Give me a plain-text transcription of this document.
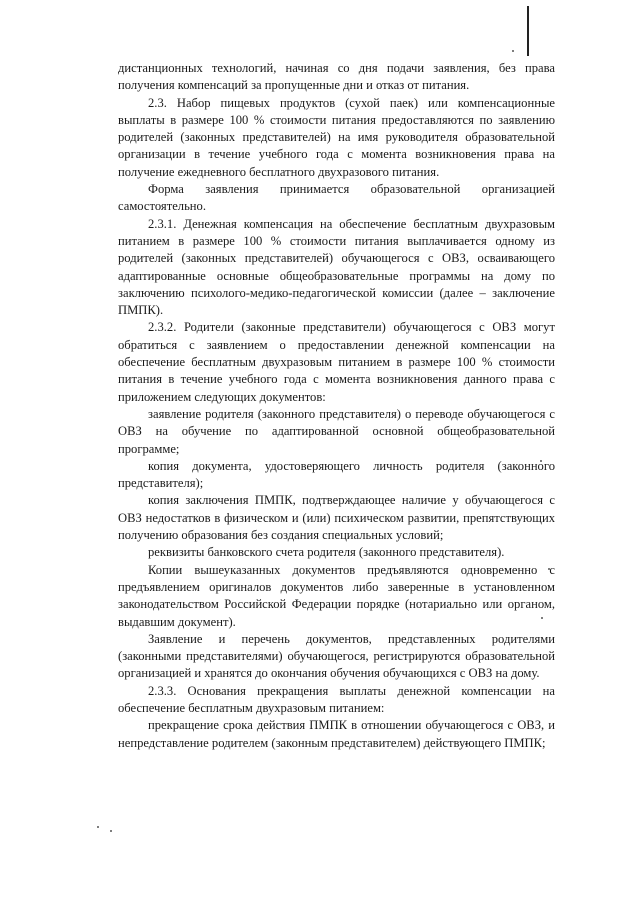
дистанционных технологий, начиная со дня подачи заявления, без права получения компенсаций за пропущенные дни и отказ от питания.

2.3. Набор пищевых продуктов (сухой паек) или компенсационные выплаты в размере 100 % стоимости питания предоставляются по заявлению родителей (законных представителей) на имя руководителя образовательной организации в течение учебного года с момента возникновения права на получение ежедневного бесплатного двухразового питания.

Форма заявления принимается образовательной организацией самостоятельно.

2.3.1. Денежная компенсация на обеспечение бесплатным двухразовым питанием в размере 100 % стоимости питания выплачивается одному из родителей (законных представителей) обучающегося с ОВЗ, осваивающего адаптированные основные общеобразовательные программы на дому по заключению психолого-медико-педагогической комиссии (далее – заключение ПМПК).

2.3.2. Родители (законные представители) обучающегося с ОВЗ могут обратиться с заявлением о предоставлении денежной компенсации на обеспечение бесплатным двухразовым питанием в размере 100 % стоимости питания в течение учебного года с момента возникновения данного права с приложением следующих документов:

заявление родителя (законного представителя) о переводе обучающегося с ОВЗ на обучение по адаптированной основной общеобразовательной программе;

копия документа, удостоверяющего личность родителя (законного представителя);

копия заключения ПМПК, подтверждающее наличие у обучающегося с ОВЗ недостатков в физическом и (или) психическом развитии, препятствующих получению образования без создания специальных условий;

реквизиты банковского счета родителя (законного представителя).

Копии вышеуказанных документов предъявляются одновременно с предъявлением оригиналов документов либо заверенные в установленном законодательством Российской Федерации порядке (нотариально или органом, выдавшим документ).

Заявление и перечень документов, представленных родителями (законными представителями) обучающегося, регистрируются образовательной организацией и хранятся до окончания обучения обучающихся с ОВЗ на дому.

2.3.3. Основания прекращения выплаты денежной компенсации на обеспечение бесплатным двухразовым питанием:

прекращение срока действия ПМПК в отношении обучающегося с ОВЗ, и непредставление родителем (законным представителем) действующего ПМПК;
